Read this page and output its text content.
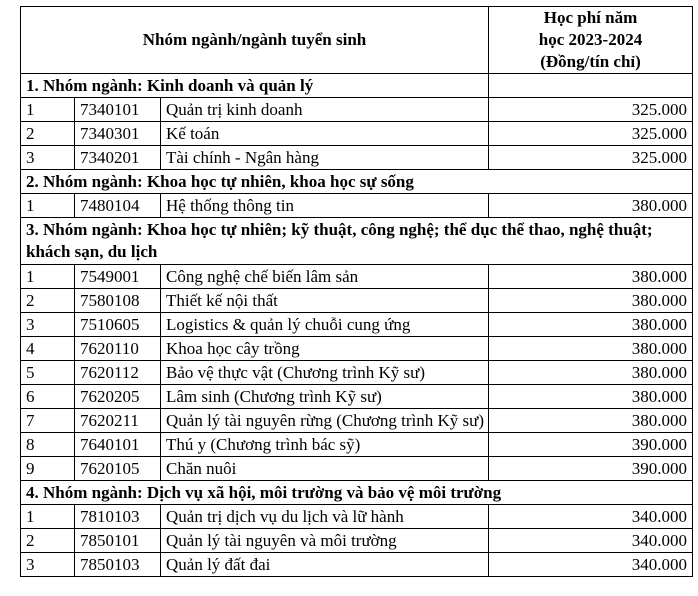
Nhóm ngành/ngành tuyển sinh			Học phí năm
học 2023-2024
(Đồng/tín chỉ)

1. Nhóm ngành: Kinh doanh và quản lý			
1	7340101	Quản trị kinh doanh	325.000
2	7340301	Kế toán	325.000
3	7340201	Tài chính - Ngân hàng	325.000
2. Nhóm ngành: Khoa học tự nhiên, khoa học sự sống			
1	7480104	Hệ thống thông tin	380.000
3. Nhóm ngành: Khoa học tự nhiên; kỹ thuật, công nghệ; thể dục thể thao, nghệ thuật; khách sạn, du lịch			
1	7549001	Công nghệ chế biến lâm sản	380.000
2	7580108	Thiết kế nội thất	380.000
3	7510605	Logistics & quản lý chuỗi cung ứng	380.000
4	7620110	Khoa học cây trồng	380.000
5	7620112	Bảo vệ thực vật (Chương trình Kỹ sư)	380.000
6	7620205	Lâm sinh (Chương trình Kỹ sư)	380.000
7	7620211	Quản lý tài nguyên rừng (Chương trình Kỹ sư)	380.000
8	7640101	Thú y (Chương trình bác sỹ)	390.000
9	7620105	Chăn nuôi	390.000
4. Nhóm ngành: Dịch vụ xã hội, môi trường và bảo vệ môi trường			
1	7810103	Quản trị dịch vụ du lịch và lữ hành	340.000
2	7850101	Quản lý tài nguyên và môi trường	340.000
3	7850103	Quản lý đất đai	340.000
